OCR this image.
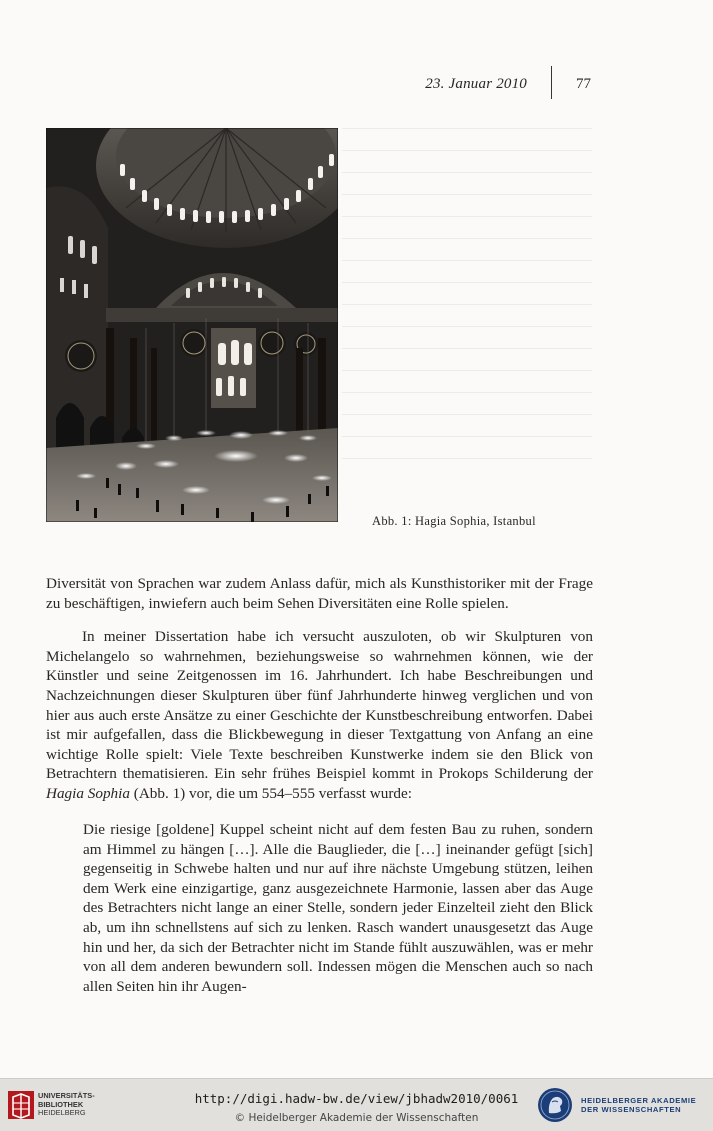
23. Januar 2010	77
Abb. 1: Hagia Sophia, Istanbul

Diversität von Sprachen war zudem Anlass dafür, mich als Kunsthistoriker mit der Frage zu beschäftigen, inwiefern auch beim Sehen Diversitäten eine Rolle spielen.

In meiner Dissertation habe ich versucht auszuloten, ob wir Skulpturen von Michelangelo so wahrnehmen, beziehungsweise so wahrnehmen können, wie der Künstler und seine Zeitgenossen im 16. Jahrhundert. Ich habe Beschreibungen und Nachzeichnungen dieser Skulpturen über fünf Jahrhunderte hinweg verglichen und von hier aus auch erste Ansätze zu einer Geschichte der Kunstbeschreibung entworfen. Dabei ist mir aufgefallen, dass die Blickbewegung in dieser Textgattung von Anfang an eine wichtige Rolle spielt: Viele Texte beschreiben Kunstwerke indem sie den Blick von Betrachtern thematisieren. Ein sehr frühes Beispiel kommt in Prokops Schilderung der Hagia Sophia (Abb. 1) vor, die um 554–555 verfasst wurde:

Die riesige [goldene] Kuppel scheint nicht auf dem festen Bau zu ruhen, sondern am Himmel zu hängen […]. Alle die Bauglieder, die […] ineinander gefügt [sich] gegenseitig in Schwebe halten und nur auf ihre nächste Umgebung stützen, leihen dem Werk eine einzigartige, ganz ausgezeichnete Harmonie, lassen aber das Auge des Betrachters nicht lange an einer Stelle, sondern jeder Einzelteil zieht den Blick ab, um ihn schnellstens auf sich zu lenken. Rasch wandert unausgesetzt das Auge hin und her, da sich der Betrachter nicht im Stande fühlt auszuwählen, was er mehr von all dem anderen bewundern soll. Indessen mögen die Menschen auch so nach allen Seiten hin ihr Augen-

UNIVERSITÄTS-
BIBLIOTHEK
HEIDELBERG
http://digi.hadw-bw.de/view/jbhadw2010/0061
© Heidelberger Akademie der Wissenschaften
HEIDELBERGER AKADEMIE
DER WISSENSCHAFTEN
